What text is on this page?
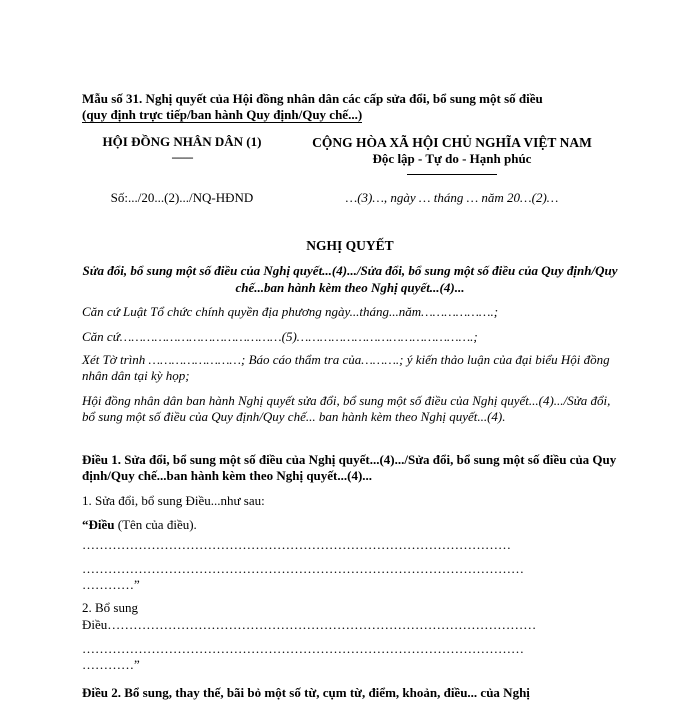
Mẫu số 31. Nghị quyết của Hội đồng nhân dân các cấp sửa đổi, bổ sung một số điều
(quy định trực tiếp/ban hành Quy định/Quy chế...)
HỘI ĐỒNG NHÂN DÂN (1)
-------
CỘNG HÒA XÃ HỘI CHỦ NGHĨA VIỆT NAM
Độc lập - Tự do - Hạnh phúc
Số:.../20...(2).../NQ-HĐND	…(3)…, ngày … tháng … năm 20…(2)…
NGHỊ QUYẾT
Sửa đổi, bổ sung một số điều của Nghị quyết...(4).../Sửa đổi, bổ sung một số điều của Quy định/Quy chế...ban hành kèm theo Nghị quyết...(4)...
Căn cứ Luật Tổ chức chính quyền địa phương ngày...tháng...năm……………….;
Căn cứ……………………………………(5)……………………………………….;
Xét Tờ trình ……………………; Báo cáo thẩm tra của……….; ý kiến thảo luận của đại biểu Hội đồng nhân dân tại kỳ họp;
Hội đồng nhân dân ban hành Nghị quyết sửa đổi, bổ sung một số điều của Nghị quyết...(4).../Sửa đổi, bổ sung một số điều của Quy định/Quy chế... ban hành kèm theo Nghị quyết...(4).
Điều 1. Sửa đổi, bổ sung một số điều của Nghị quyết...(4).../Sửa đổi, bổ sung một số điều của Quy định/Quy chế...ban hành kèm theo Nghị quyết...(4)...
1. Sửa đổi, bổ sung Điều...như sau:
“Điều (Tên của điều).
………………………………………………………………………………………
…………………………………………………………………………………………
…………”
2. Bổ sung
Điều………………………………………………………………………………………
…………………………………………………………………………………………
…………”
Điều 2. Bổ sung, thay thế, bãi bỏ một số từ, cụm từ, điểm, khoản, điều... của Nghị
